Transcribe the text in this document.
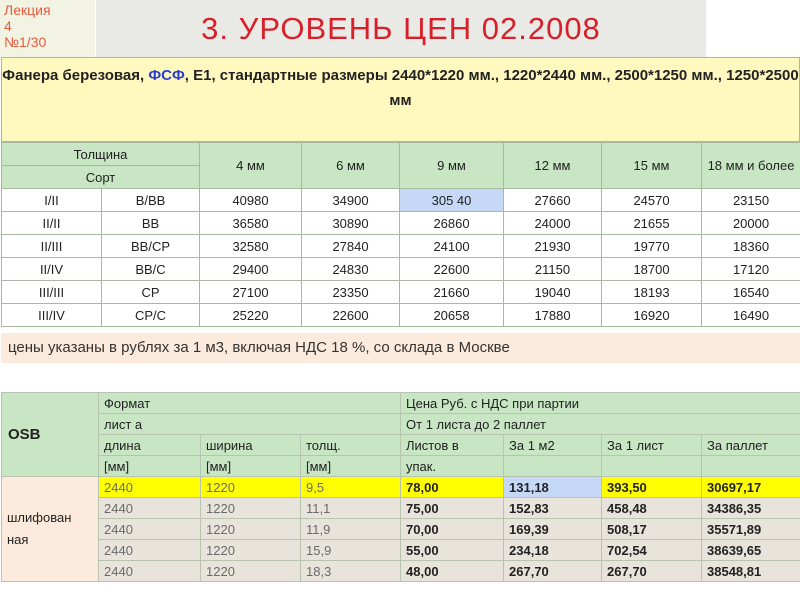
Лекция
4
№1/30	3. УРОВЕНЬ ЦЕН 02.2008
Фанера березовая, ФСФ, Е1, стандартные размеры 2440*1220 мм., 1220*2440 мм., 2500*1250 мм., 1250*2500 мм
Толщина		4 мм	6 мм	9 мм	12 мм	15 мм	18 мм и более
Сорт							
I/II	В/ВВ	40980	34900	305 40	27660	24570	23150
II/II	ВВ	36580	30890	26860	24000	21655	20000
II/III	ВВ/СР	32580	27840	24100	21930	19770	18360
II/IV	ВВ/С	29400	24830	22600	21150	18700	17120
III/III	СР	27100	23350	21660	19040	18193	16540
III/IV	СР/С	25220	22600	20658	17880	16920	16490
цены указаны в рублях за 1 м3, включая НДС 18 %, со склада в Москве
OSB	Формат			Цена Руб. с НДС при партии			
	лист а			От 1 листа до 2 паллет			
	длина	ширина	толщ.	Листов в	За 1 м2	За 1 лист	За паллет
	[мм]	[мм]	[мм]	упак.			
шлифован
ная	2440	1220	9,5	78,00	131,18	393,50	30697,17
	2440	1220	11,1	75,00	152,83	458,48	34386,35
	2440	1220	11,9	70,00	169,39	508,17	35571,89
	2440	1220	15,9	55,00	234,18	702,54	38639,65
	2440	1220	18,3	48,00	267,70	267,70	38548,81
